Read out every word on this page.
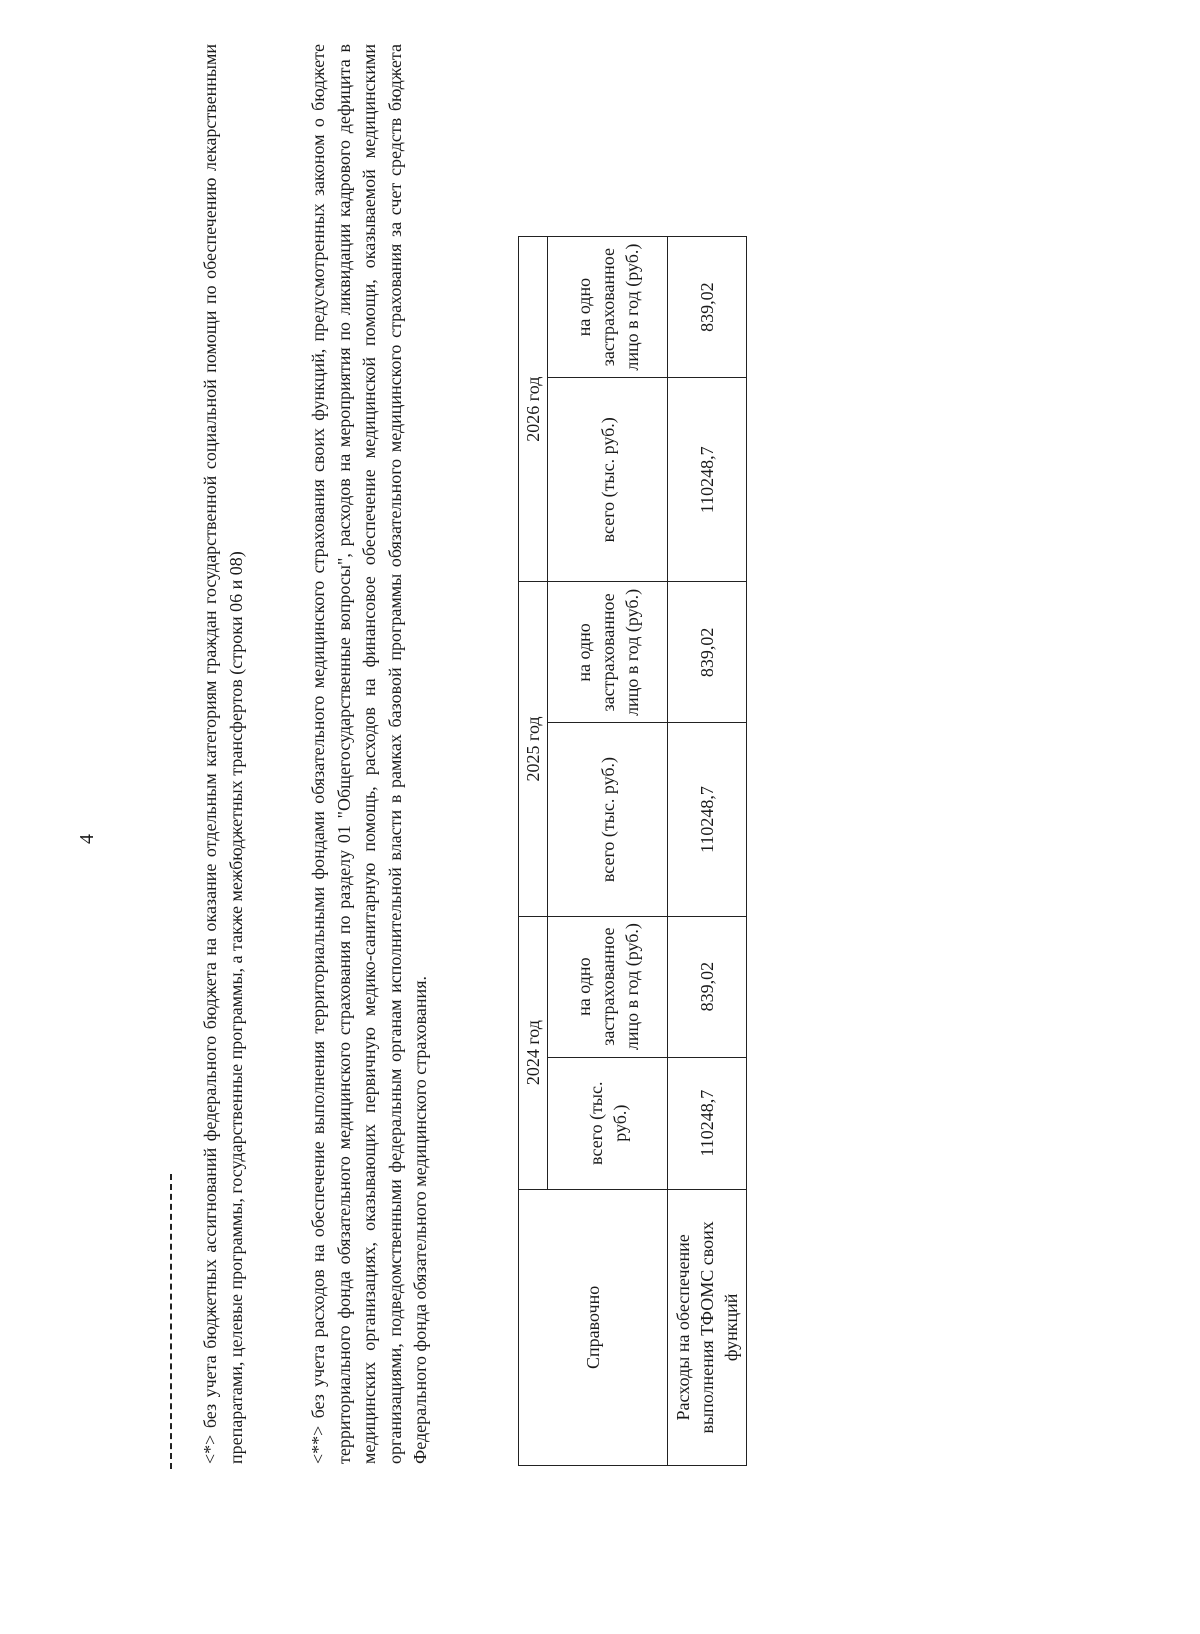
4	<*> без учета бюджетных ассигнований федерального бюджета на оказание отдельным категориям граждан государственной социальной помощи по обеспечению лекарственными препаратами, целевые программы, государственные программы, а также межбюджетных трансфертов (строки 06 и 08)	<**> без учета расходов на обеспечение выполнения территориальными фондами обязательного медицинского страхования своих функций, предусмотренных законом о бюджете территориального фонда обязательного медицинского страхования по разделу 01 "Общегосударственные вопросы", расходов на мероприятия по ликвидации кадрового дефицита в медицинских организациях, оказывающих первичную медико-санитарную помощь, расходов на финансовое обеспечение медицинской помощи, оказываемой медицинскими организациями, подведомственными федеральным органам исполнительной власти в рамках базовой программы обязательного медицинского страхования за счет средств бюджета Федерального фонда обязательного медицинского страхования.	Справочно	2024 год		2025 год		2026 год	
	всего (тыс. руб.)	на одно застрахованное лицо в год (руб.)	всего (тыс. руб.)	на одно застрахованное лицо в год (руб.)	всего (тыс. руб.)	на одно застрахованное лицо в год (руб.)
Расходы на обеспечение выполнения ТФОМС своих функций	110248,7	839,02	110248,7	839,02	110248,7	839,02
